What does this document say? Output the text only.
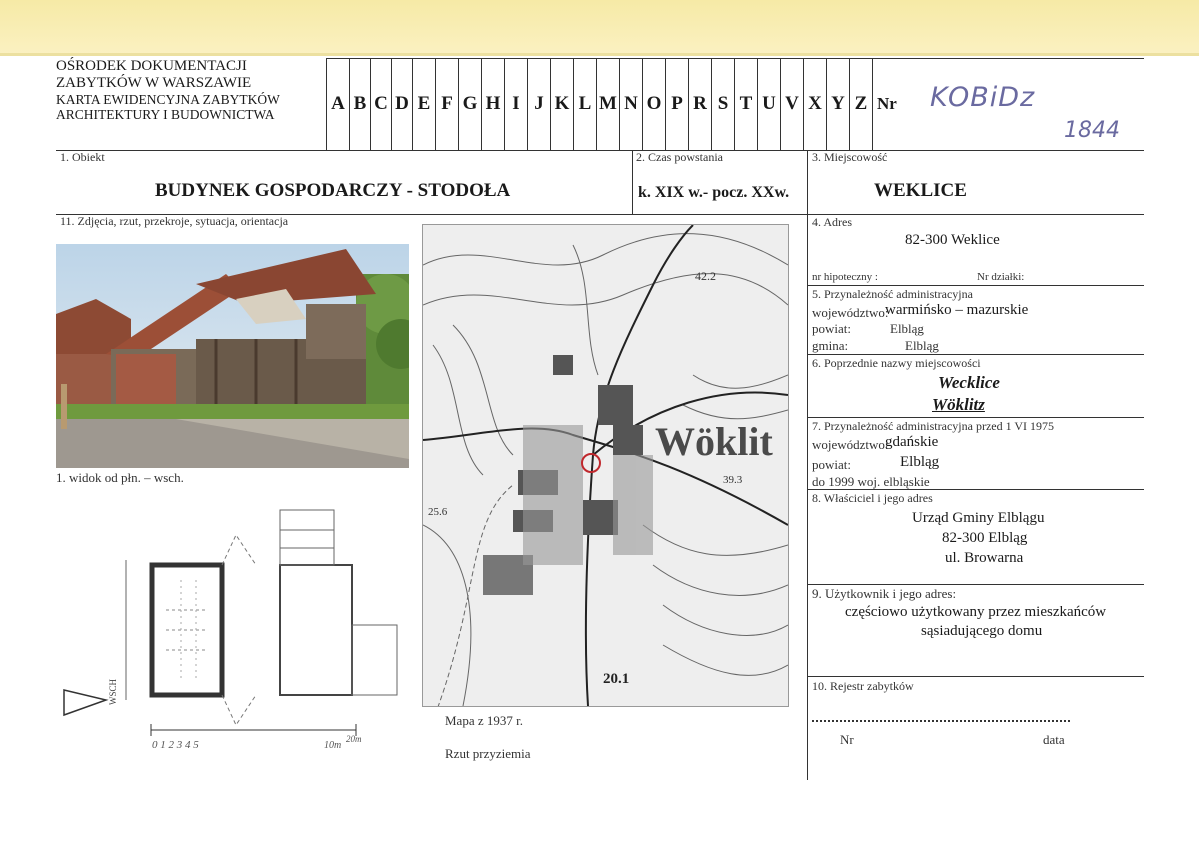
OŚRODEK DOKUMENTACJI
ZABYTKÓW W WARSZAWIE
KARTA EWIDENCYJNA ZABYTKÓW
ARCHITEKTURY I BUDOWNICTWA
A B C D E F G H I J K L M N O P R S T U V X Y Z Nr	KOBiDz
1844
1. Obiekt
BUDYNEK GOSPODARCZY - STODOŁA
2. Czas powstania
k. XIX w.- pocz. XXw.
3. Miejscowość
WEKLICE
11. Zdjęcia, rzut, przekroje, sytuacja, orientacja	4. Adres
82-300 Weklice
nr hipoteczny :	Nr działki:
5. Przynależność administracyjna
województwo:
warmińsko – mazurskie
powiat:	Elbląg
gmina:	Elbląg
6. Poprzednie nazwy miejscowości
Wecklice
Wöklitz
7. Przynależność administracyjna przed 1 VI 1975
województwo:
gdańskie
powiat:	Elbląg
do 1999 woj. elbląskie
8. Właściciel i jego adres
Urząd Gminy Elblągu
82-300 Elbląg
ul. Browarna
9. Użytkownik i jego adres:
częściowo użytkowany przez mieszkańców
sąsiadującego domu
10. Rejestr zabytków
Nr	data
1. widok od płn. – wsch.
WSCH
0 1 2 3 4 5	10m
20m
Wöklit
42.2
39.3
20.1
25.6
Mapa z 1937 r.
Rzut przyziemia
